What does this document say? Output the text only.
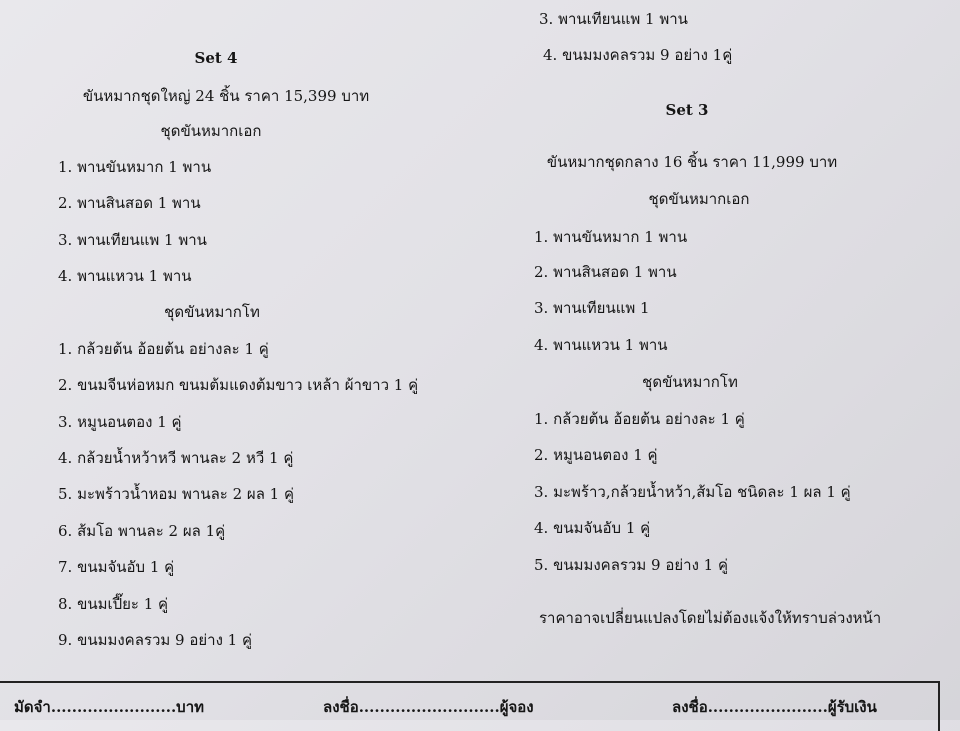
Set 4
ขันหมากชุดใหญ่ 24 ชิ้น ราคา 15,399 บาท
ชุดขันหมากเอก
1. พานขันหมาก 1 พาน
2. พานสินสอด 1 พาน
3. พานเทียนแพ 1 พาน
4. พานแหวน 1 พาน
ชุดขันหมากโท
1. กล้วยต้น อ้อยต้น อย่างละ 1 คู่
2. ขนมจีนห่อหมก ขนมต้มแดงต้มขาว เหล้า ผ้าขาว 1 คู่
3. หมูนอนตอง 1 คู่
4. กล้วยน้ำหว้าหวี พานละ 2 หวี 1 คู่
5. มะพร้าวน้ำหอม พานละ 2 ผล 1 คู่
6. ส้มโอ พานละ 2 ผล 1คู่
7. ขนมจันอับ 1 คู่
8. ขนมเปี๊ยะ 1 คู่
9. ขนมมงคลรวม 9 อย่าง 1 คู่
3. พานเทียนแพ 1 พาน
4. ขนมมงคลรวม 9 อย่าง 1คู่
Set 3
ขันหมากชุดกลาง 16 ชิ้น ราคา 11,999 บาท
ชุดขันหมากเอก
1. พานขันหมาก 1 พาน
2. พานสินสอด 1 พาน
3. พานเทียนแพ 1
4. พานแหวน 1 พาน
ชุดขันหมากโท
1. กล้วยต้น อ้อยต้น อย่างละ 1 คู่
2. หมูนอนตอง 1 คู่
3. มะพร้าว,กล้วยน้ำหว้า,ส้มโอ ชนิดละ 1 ผล 1 คู่
4. ขนมจันอับ 1 คู่
5. ขนมมงคลรวม 9 อย่าง 1 คู่
ราคาอาจเปลี่ยนแปลงโดยไม่ต้องแจ้งให้ทราบล่วงหน้า
มัดจำ........................บาท	ลงชื่อ...........................ผู้จอง	ลงชื่อ.......................ผู้รับเงิน
